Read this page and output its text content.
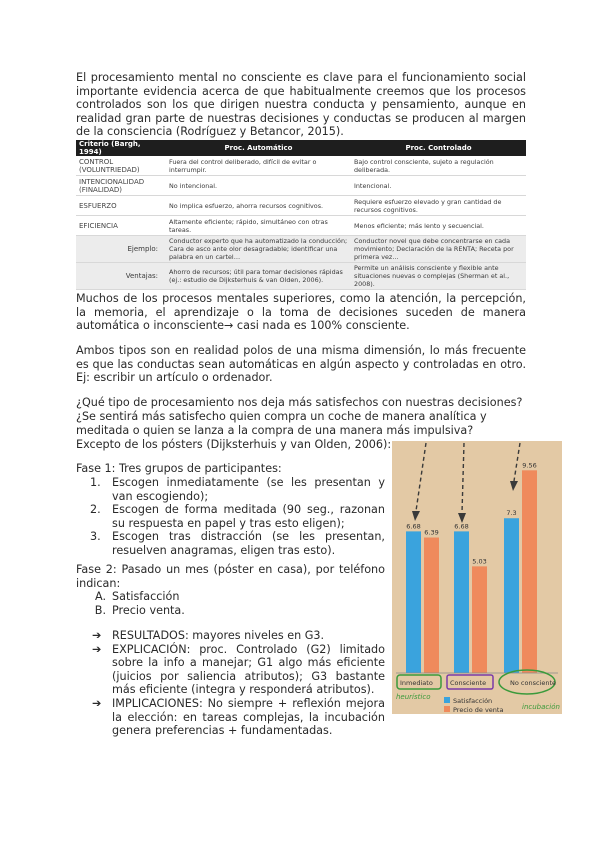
El procesamiento mental no consciente es clave para el funcionamiento social importante evidencia acerca de que habitualmente creemos que los procesos controlados son los que dirigen nuestra conducta y pensamiento, aunque en realidad gran parte de nuestras decisiones y conductas se producen al margen de la consciencia (Rodríguez y Betancor, 2015).
Criterio (Bargh, 1994)	Proc. Automático	Proc. Controlado
CONTROL (VOLUNTRIEDAD)	Fuera del control deliberado, difícil de evitar o interrumpir.	Bajo control consciente, sujeto a regulación deliberada.
INTENCIONALIDAD (FINALIDAD)	No intencional.	Intencional.
ESFUERZO	No implica esfuerzo, ahorra recursos cognitivos.	Requiere esfuerzo elevado y gran cantidad de recursos cognitivos.
EFICIENCIA	Altamente eficiente; rápido, simultáneo con otras tareas.	Menos eficiente; más lento y secuencial.
Ejemplo:	Conductor experto que ha automatizado la conducción; Cara de asco ante olor desagradable; identificar una palabra en un cartel…	Conductor novel que debe concentrarse en cada movimiento; Declaración de la RENTA; Receta por primera vez…
Ventajas:	Ahorro de recursos; útil para tomar decisiones rápidas (ej.: estudio de Dijksterhuis & van Olden, 2006).	Permite un análisis consciente y flexible ante situaciones nuevas o complejas (Sherman et al., 2008).
Muchos de los procesos mentales superiores, como la atención, la percepción, la memoria, el aprendizaje o la toma de decisiones suceden de manera automática o inconsciente→ casi nada es 100% consciente.
Ambos tipos son en realidad polos de una misma dimensión, lo más frecuente es que las conductas sean automáticas en algún aspecto y controladas en otro. Ej: escribir un artículo o ordenador.
¿Qué tipo de procesamiento nos deja más satisfechos con nuestras decisiones?
¿Se sentirá más satisfecho quien compra un coche de manera analítica y meditada o quien se lanza a la compra de una manera más impulsiva?
Excepto de los pósters (Dijksterhuis y van Olden, 2006):
Fase 1: Tres grupos de participantes:
1.	Escogen inmediatamente (se les presentan y van escogiendo);
2.	Escogen de forma meditada (90 seg., razonan su respuesta en papel y tras esto eligen);
3.	Escogen tras distracción (se les presentan, resuelven anagramas, eligen tras esto).
Fase 2: Pasado un mes (póster en casa), por teléfono indican:
A. Satisfacción
B. Precio venta.
➔ RESULTADOS: mayores niveles en G3.
➔ EXPLICACIÓN: proc. Controlado (G2) limitado sobre la info a manejar; G1 algo más eficiente (juicios por saliencia atributos); G3 bastante más eficiente (integra y responderá atributos).
➔ IMPLICACIONES: No siempre + reflexión mejora la elección: en tareas complejas, la incubación genera preferencias + fundamentadas.
6.68
6.39
6.68
5.03
7.3
9.56
Inmediato	Consciente	No consciente
heurístico
incubación
Satisfacción
Precio de venta
